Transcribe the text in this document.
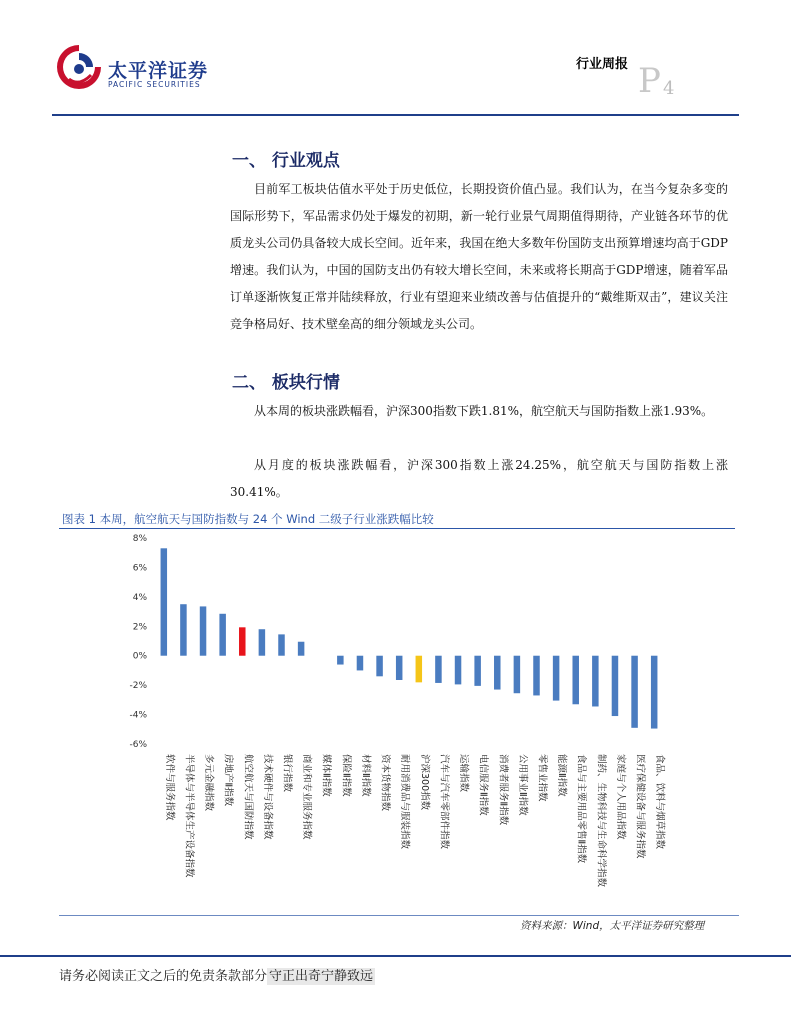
太平洋证券
PACIFIC SECURITIES
行业周报 P 4
一、 行业观点
目前军工板块估值水平处于历史低位，长期投资价值凸显。我们认为，在当今复杂多变的国际形势下，军品需求仍处于爆发的初期，新一轮行业景气周期值得期待，产业链各环节的优质龙头公司仍具备较大成长空间。近年来，我国在绝大多数年份国防支出预算增速均高于GDP增速。我们认为，中国的国防支出仍有较大增长空间，未来或将长期高于GDP增速，随着军品订单逐渐恢复正常并陆续释放，行业有望迎来业绩改善与估值提升的“戴维斯双击”，建议关注竞争格局好、技术壁垒高的细分领域龙头公司。
二、 板块行情
从本周的板块涨跌幅看，沪深300指数下跌1.81%，航空航天与国防指数上涨1.93%。
从月度的板块涨跌幅看，沪深300指数上涨24.25%，航空航天与国防指数上涨30.41%。
图表 1 本周，航空航天与国防指数与 24 个 Wind 二级子行业涨跌幅比较
8%
6%
4%
2%
0%
-2%
-4%
-6%
软件与服务指数 半导体与半导体生产设备指数 多元金融指数 房地产Ⅱ指数 航空航天与国防指数 技术硬件与设备指数 银行指数 商业和专业服务指数 媒体Ⅱ指数 保险Ⅱ指数 材料Ⅱ指数 资本货物指数 耐用消费品与服装指数 沪深300指数 汽车与汽车零部件指数 运输指数 电信服务Ⅱ指数 消费者服务Ⅱ指数 公用事业Ⅱ指数 零售业指数 能源Ⅱ指数 食品与主要用品零售Ⅱ指数 制药、生物科技与生命科学指数 家庭与个人用品指数 医疗保健设备与服务指数 食品、饮料与烟草指数
资料来源：Wind，太平洋证券研究整理
请务必阅读正文之后的免责条款部分 守正出奇宁静致远
